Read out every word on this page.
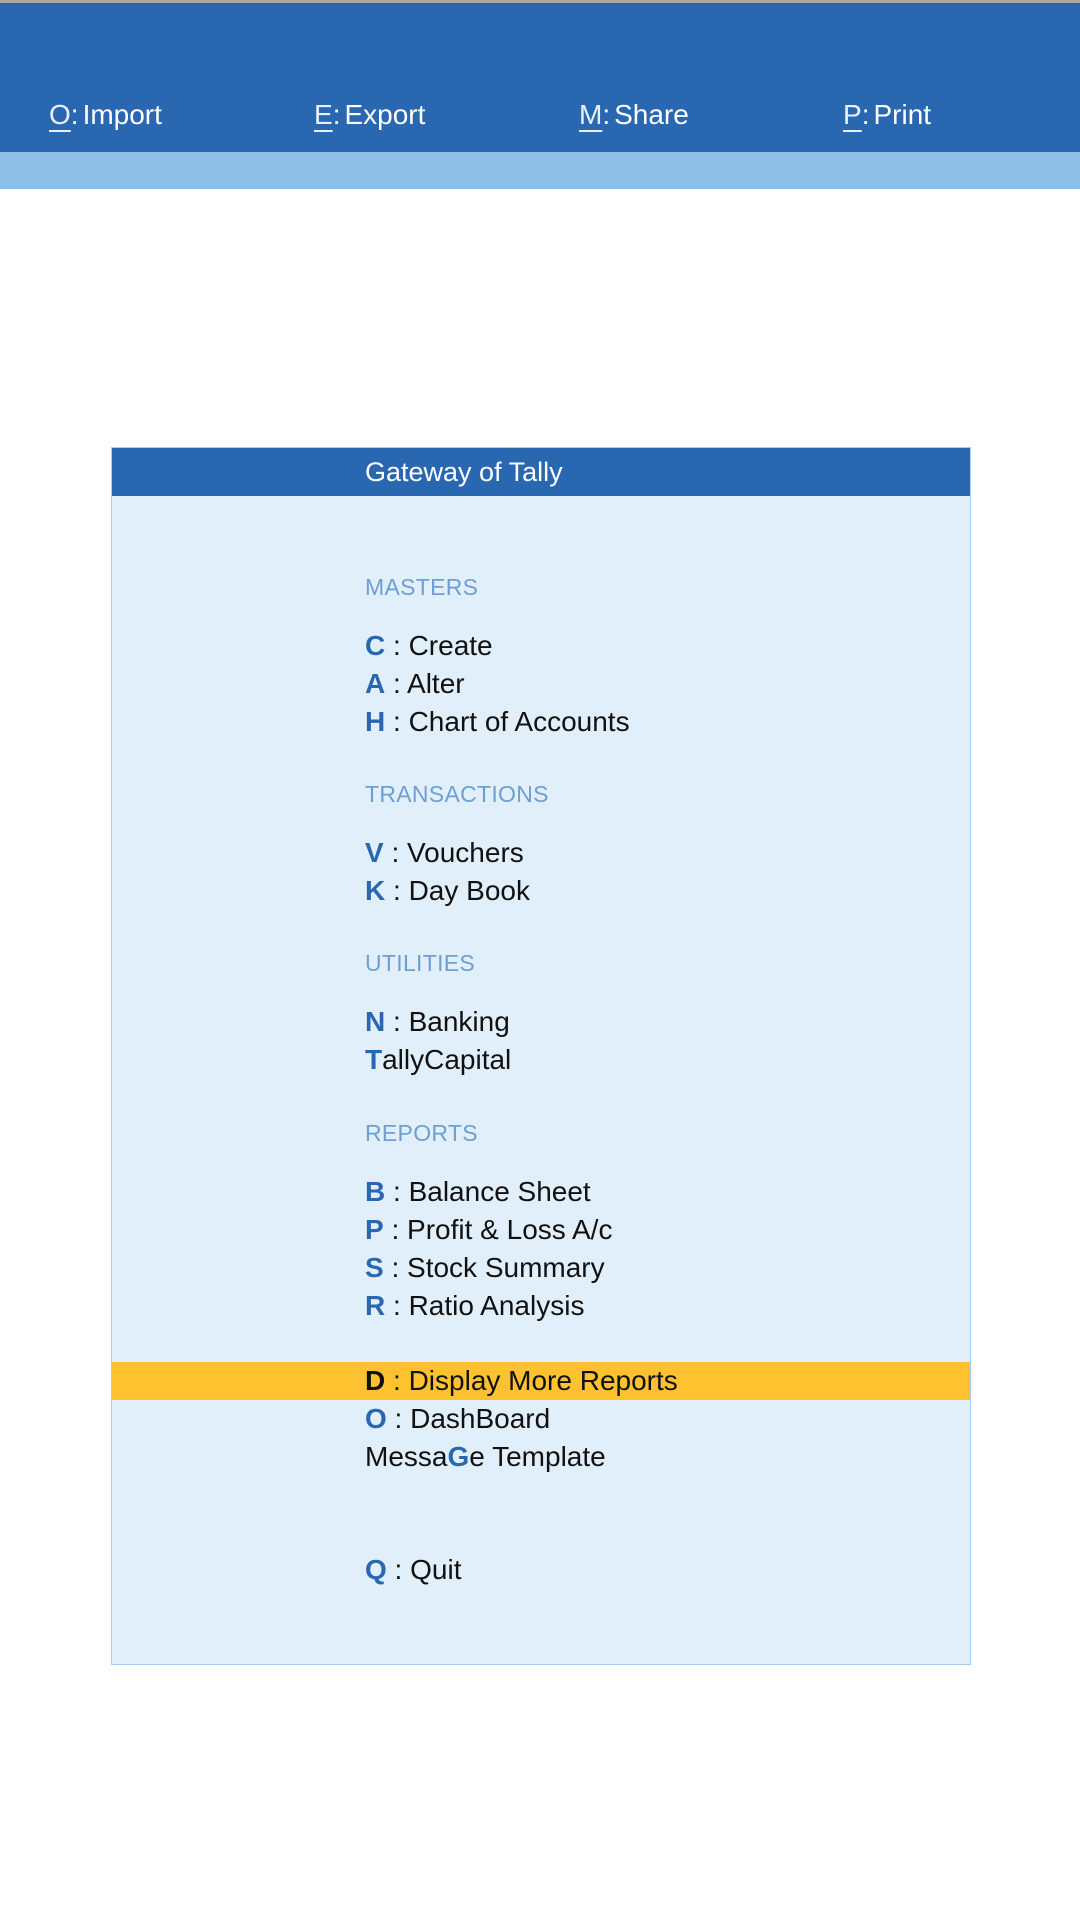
O : Import	E : Export	M : Share	P : Print
Gateway of Tally
MASTERS
C : Create
A : Alter
H : Chart of Accounts
TRANSACTIONS
V : Vouchers
K : Day Book
UTILITIES
N : Banking
TallyCapital
REPORTS
B : Balance Sheet
P : Profit & Loss A/c
S : Stock Summary
R : Ratio Analysis
D : Display More Reports
O : DashBoard
MessaGe Template
Q : Quit
